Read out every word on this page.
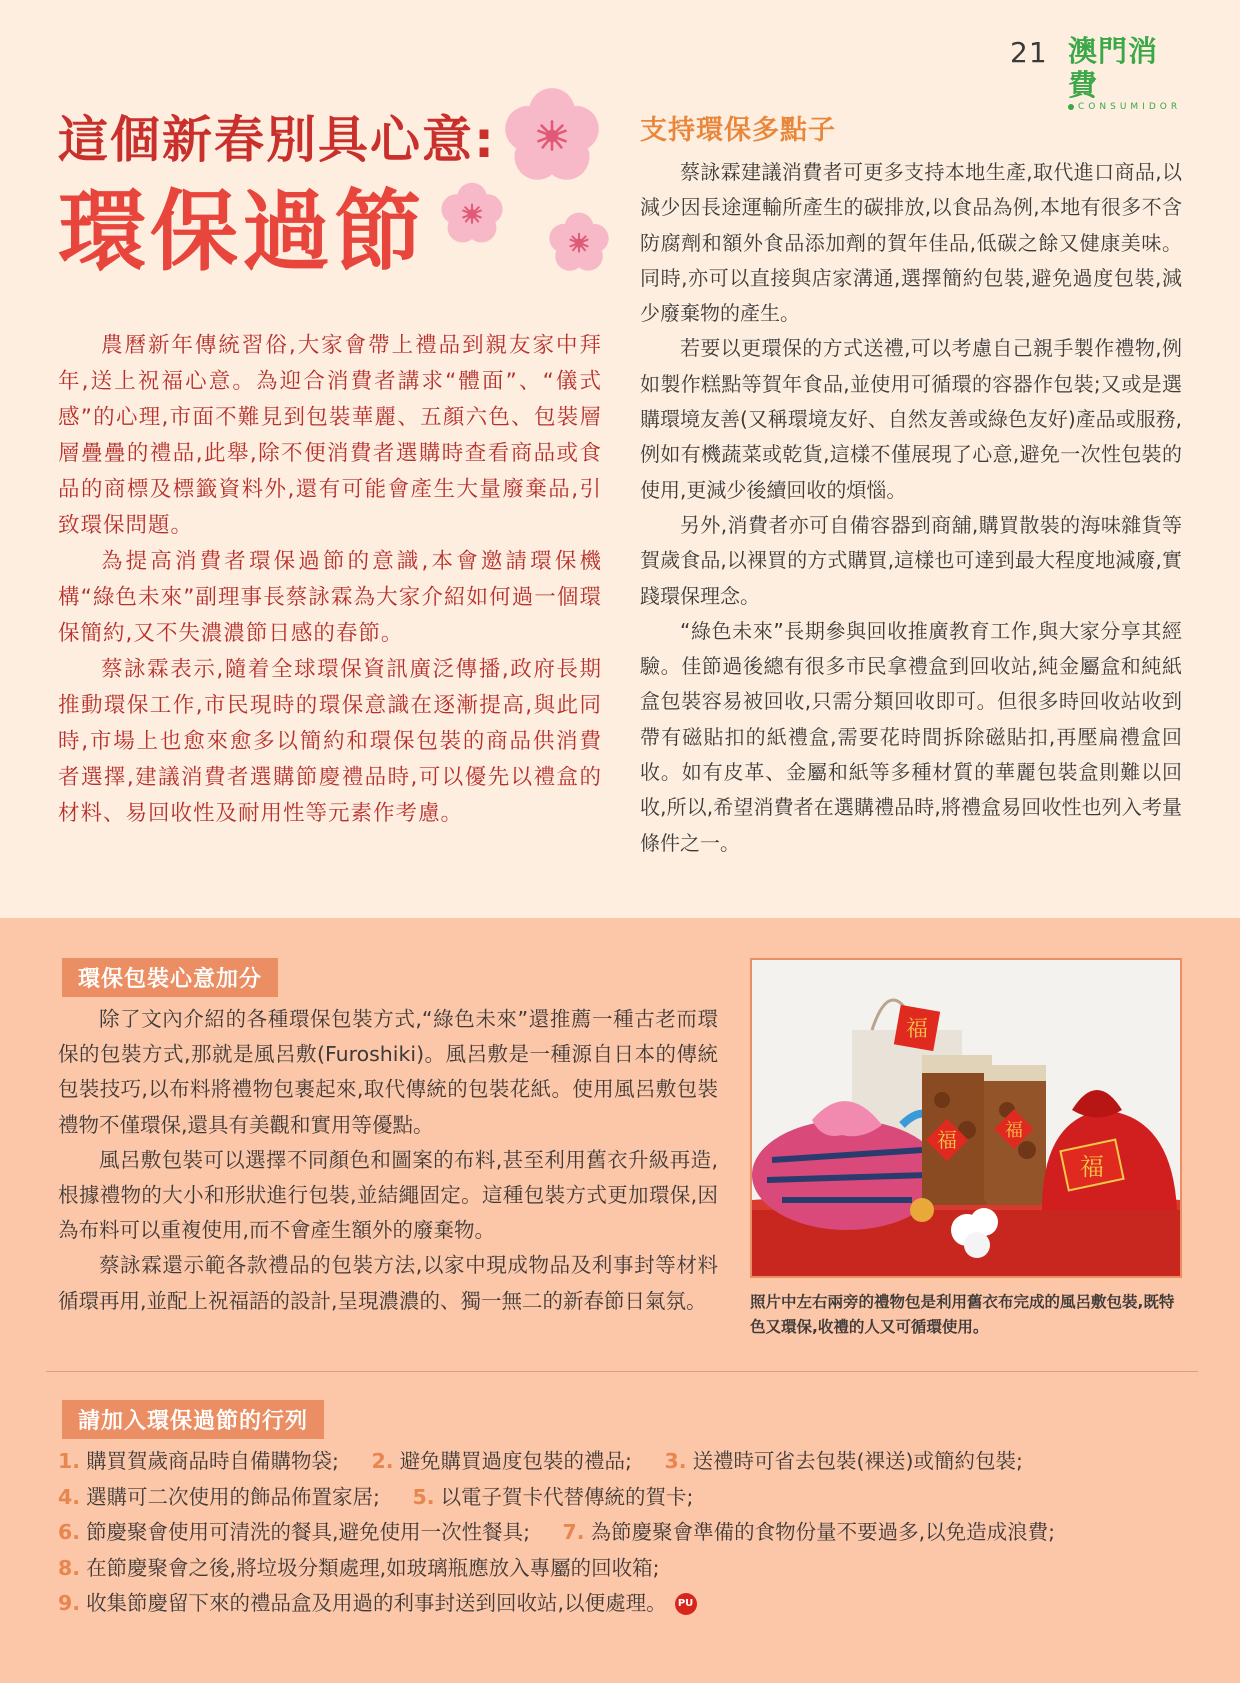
21 澳門消費
CONSUMIDOR
這個新春別具心意:
環保過節

農曆新年傳統習俗,大家會帶上禮品到親友家中拜年,送上祝福心意。為迎合消費者講求“體面”、“儀式感”的心理,市面不難見到包裝華麗、五顏六色、包裝層層疊疊的禮品,此舉,除不便消費者選購時查看商品或食品的商標及標籤資料外,還有可能會產生大量廢棄品,引致環保問題。

為提高消費者環保過節的意識,本會邀請環保機構“綠色未來”副理事長蔡詠霖為大家介紹如何過一個環保簡約,又不失濃濃節日感的春節。

蔡詠霖表示,隨着全球環保資訊廣泛傳播,政府長期推動環保工作,市民現時的環保意識在逐漸提高,與此同時,市場上也愈來愈多以簡約和環保包裝的商品供消費者選擇,建議消費者選購節慶禮品時,可以優先以禮盒的材料、易回收性及耐用性等元素作考慮。

支持環保多點子

蔡詠霖建議消費者可更多支持本地生產,取代進口商品,以減少因長途運輸所產生的碳排放,以食品為例,本地有很多不含防腐劑和額外食品添加劑的賀年佳品,低碳之餘又健康美味。同時,亦可以直接與店家溝通,選擇簡約包裝,避免過度包裝,減少廢棄物的產生。

若要以更環保的方式送禮,可以考慮自己親手製作禮物,例如製作糕點等賀年食品,並使用可循環的容器作包裝;又或是選購環境友善(又稱環境友好、自然友善或綠色友好)產品或服務,例如有機蔬菜或乾貨,這樣不僅展現了心意,避免一次性包裝的使用,更減少後續回收的煩惱。

另外,消費者亦可自備容器到商舖,購買散裝的海味雜貨等賀歲食品,以裸買的方式購買,這樣也可達到最大程度地減廢,實踐環保理念。

“綠色未來”長期參與回收推廣教育工作,與大家分享其經驗。佳節過後總有很多市民拿禮盒到回收站,純金屬盒和純紙盒包裝容易被回收,只需分類回收即可。但很多時回收站收到帶有磁貼扣的紙禮盒,需要花時間拆除磁貼扣,再壓扁禮盒回收。如有皮革、金屬和紙等多種材質的華麗包裝盒則難以回收,所以,希望消費者在選購禮品時,將禮盒易回收性也列入考量條件之一。

環保包裝心意加分

除了文內介紹的各種環保包裝方式,“綠色未來”還推薦一種古老而環保的包裝方式,那就是風呂敷(Furoshiki)。風呂敷是一種源自日本的傳統包裝技巧,以布料將禮物包裹起來,取代傳統的包裝花紙。使用風呂敷包裝禮物不僅環保,還具有美觀和實用等優點。

風呂敷包裝可以選擇不同顏色和圖案的布料,甚至利用舊衣升級再造,根據禮物的大小和形狀進行包裝,並結繩固定。這種包裝方式更加環保,因為布料可以重複使用,而不會產生額外的廢棄物。

蔡詠霖還示範各款禮品的包裝方法,以家中現成物品及利事封等材料循環再用,並配上祝福語的設計,呈現濃濃的、獨一無二的新春節日氣氛。

福	福
福
福
照片中左右兩旁的禮物包是利用舊衣布完成的風呂敷包裝,既特色又環保,收禮的人又可循環使用。
請加入環保過節的行列
1. 購買賀歲商品時自備購物袋; 2. 避免購買過度包裝的禮品; 3. 送禮時可省去包裝(裸送)或簡約包裝;
4. 選購可二次使用的飾品佈置家居; 5. 以電子賀卡代替傳統的賀卡;
6. 節慶聚會使用可清洗的餐具,避免使用一次性餐具; 7. 為節慶聚會準備的食物份量不要過多,以免造成浪費;
8. 在節慶聚會之後,將垃圾分類處理,如玻璃瓶應放入專屬的回收箱;
9. 收集節慶留下來的禮品盒及用過的利事封送到回收站,以便處理。 PU
